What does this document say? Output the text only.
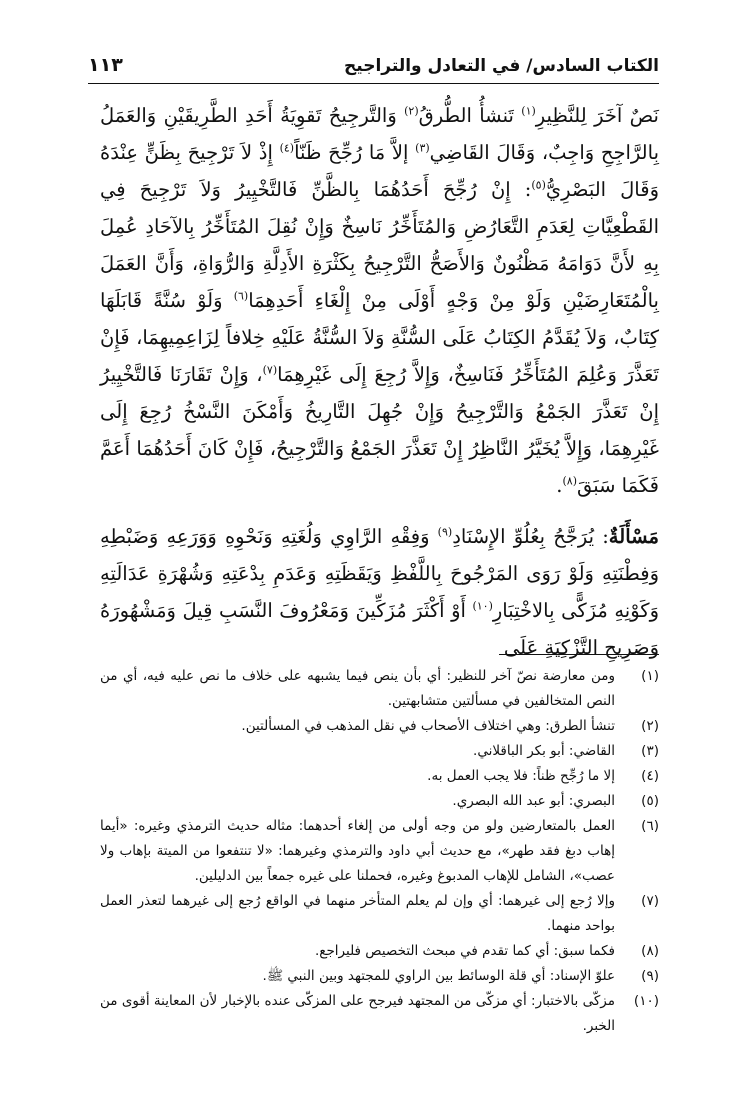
الكتاب السادس/ في التعادل والتراجيح
١١٣

نَصٌ آخَرَ لِلنَّظِيرِ$^{(١)}$ تَنشأُ الطُّرقُ$^{(٢)}$ وَالتَّرجِيحُ تَقوِيَةُ أَحَدِ الطَّرِيقَيْنِ وَالعَمَلُ بِالرَّاجِحِ وَاجِبٌ، وَقَالَ القَاضِي$^{(٣)}$ إلاَّ مَا رُجِّحَ ظَنّاً$^{(٤)}$ إِذْ لاَ تَرْجِيحَ بِظَنٍّ عِنْدَهُ وَقَالَ البَصْرِيُّ$^{(٥)}$: إِنْ رُجِّحَ أَحَدُهُمَا بِالظَّنِّ فَالتَّخْيِيرُ وَلاَ تَرْجِيحَ فِي القَطْعِيَّاتِ لِعَدَمِ التَّعَارُضِ وَالمُتَأَخِّرُ نَاسِخٌ وَإِنْ نُقِلَ المُتَأَخِّرُ بِالآحَادِ عُمِلَ بِهِ لأَنَّ دَوَامَهُ مَظْنُونٌ وَالأَصَحُّ التَّرْجِيحُ بِكَثْرَةِ الأَدِلَّةِ وَالرُّوَاةِ، وَأَنَّ العَمَلَ بِالْمُتَعَارِضَيْنِ وَلَوْ مِنْ وَجْهٍ أَوْلَى مِنْ إِلْغَاءِ أَحَدِهِمَا$^{(٦)}$ وَلَوْ سُنَّةً قَابَلَهَا كِتَابٌ، وَلاَ يُقَدَّمُ الكِتَابُ عَلَى السُّنَّةِ وَلاَ السُّنَّةُ عَلَيْهِ خِلافاً لِزَاعِمِيهِمَا، فَإِنْ تَعَذَّرَ وَعُلِمَ المُتَأَخِّرُ فَنَاسِخٌ، وَإِلاَّ رُجِعَ إِلَى غَيْرِهِمَا$^{(٧)}$، وَإِنْ تَقَارَنَا فَالتَّخْيِيرُ إِنْ تَعَذَّرَ الجَمْعُ وَالتَّرْجِيحُ وَإِنْ جُهِلَ التَّارِيخُ وَأَمْكَنَ النَّسْخُ رُجِعَ إِلَى غَيْرِهِمَا، وَإِلاَّ يُخَيَّرُ النَّاظِرُ إِنْ تَعَذَّرَ الجَمْعُ وَالتَّرْجِيحُ، فَإِنْ كَانَ أَحَدُهُمَا أَعَمَّ فَكَمَا سَبَقَ$^{(٨)}$.

مَسْأَلَةٌ: يُرَجَّحُ بِعُلُوِّ الإِسْنَادِ$^{(٩)}$ وَفِقْهِ الرَّاوِي وَلُغَتِهِ وَنَحْوِهِ وَوَرَعِهِ وَضَبْطِهِ وَفِطْنَتِهِ وَلَوْ رَوَى المَرْجُوحَ بِاللَّفْظِ وَيَقَظَتِهِ وَعَدَمِ بِدْعَتِهِ وَشُهْرَةِ عَدَالَتِهِ وَكَوْنِهِ مُزَكًّى بِالاخْتِبَارِ$^{(١٠)}$ أَوْ أَكْثَرَ مُزَكِّينَ وَمَعْرُوفَ النَّسَبِ قِيلَ وَمَشْهُورَهُ وَصَرِيحِ التَّزْكِيَةِ عَلَى

(١)
ومن معارضة نصّ آخر للنظير: أي بأن ينص فيما يشبهه على خلاف ما نص عليه فيه، أي من النص المتخالفين في مسألتين متشابهتين.
(٢)
تنشأ الطرق: وهي اختلاف الأصحاب في نقل المذهب في المسألتين.
(٣)
القاضي: أبو بكر الباقلاني.
(٤)
إلا ما رُجِّح ظناً: فلا يجب العمل به.
(٥)
البصري: أبو عبد الله البصري.
(٦)
العمل بالمتعارضين ولو من وجه أولى من إلغاء أحدهما: مثاله حديث الترمذي وغيره: «أيما إهاب دبغ فقد طهر»، مع حديث أبي داود والترمذي وغيرهما: «لا تنتفعوا من الميتة بإهاب ولا عصب»، الشامل للإهاب المدبوغ وغيره، فحملنا على غيره جمعاً بين الدليلين.
(٧)
وإلا رُجع إلى غيرهما: أي وإن لم يعلم المتأخر منهما في الواقع رُجع إلى غيرهما لتعذر العمل بواحد منهما.
(٨)
فكما سبق: أي كما تقدم في مبحث التخصيص فليراجع.
(٩)
علوّ الإسناد: أي قلة الوسائط بين الراوي للمجتهد وبين النبي ﷺ.
(١٠)
مزكّى بالاختبار: أي مزكّى من المجتهد فيرجح على المزكّى عنده بالإخبار لأن المعاينة أقوى من الخبر.
